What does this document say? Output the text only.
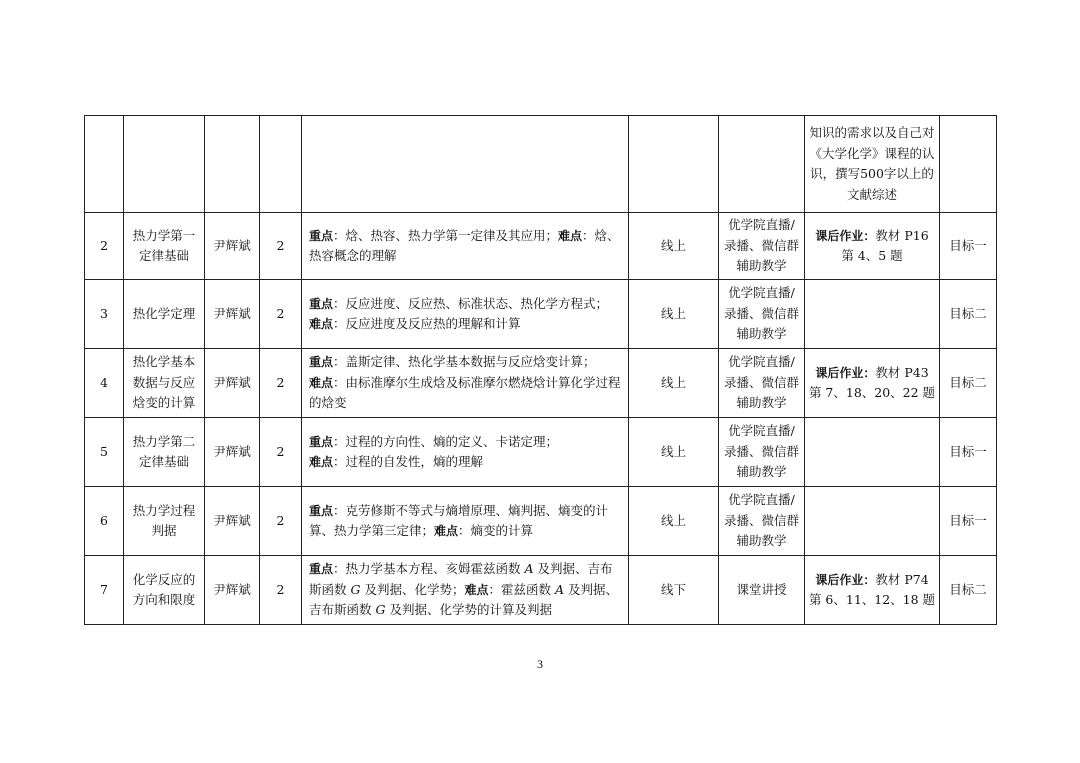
							知识的需求以及自己对《大学化学》课程的认识，撰写500字以上的文献综述	
2	热力学第一定律基础	尹辉斌	2	重点：焓、热容、热力学第一定律及其应用；难点：焓、热容概念的理解	线上	优学院直播/录播、微信群辅助教学	课后作业：教材 P16 第 4、5 题	目标一
3	热化学定理	尹辉斌	2	重点：反应进度、反应热、标准状态、热化学方程式；
难点：反应进度及反应热的理解和计算	线上	优学院直播/录播、微信群辅助教学		目标二
4	热化学基本数据与反应焓变的计算	尹辉斌	2	重点：盖斯定律、热化学基本数据与反应焓变计算；
难点：由标准摩尔生成焓及标准摩尔燃烧焓计算化学过程的焓变	线上	优学院直播/录播、微信群辅助教学	课后作业：教材 P43 第 7、18、20、22 题	目标二
5	热力学第二定律基础	尹辉斌	2	重点：过程的方向性、熵的定义、卡诺定理；
难点：过程的自发性，熵的理解	线上	优学院直播/录播、微信群辅助教学		目标一
6	热力学过程判据	尹辉斌	2	重点：克劳修斯不等式与熵增原理、熵判据、熵变的计算、热力学第三定律；难点：熵变的计算	线上	优学院直播/录播、微信群辅助教学		目标一
7	化学反应的方向和限度	尹辉斌	2	重点：热力学基本方程、亥姆霍兹函数 A 及判据、吉布斯函数 G 及判据、化学势；难点：霍兹函数 A 及判据、吉布斯函数 G 及判据、化学势的计算及判据	线下	课堂讲授	课后作业：教材 P74 第 6、11、12、18 题	目标二
3
